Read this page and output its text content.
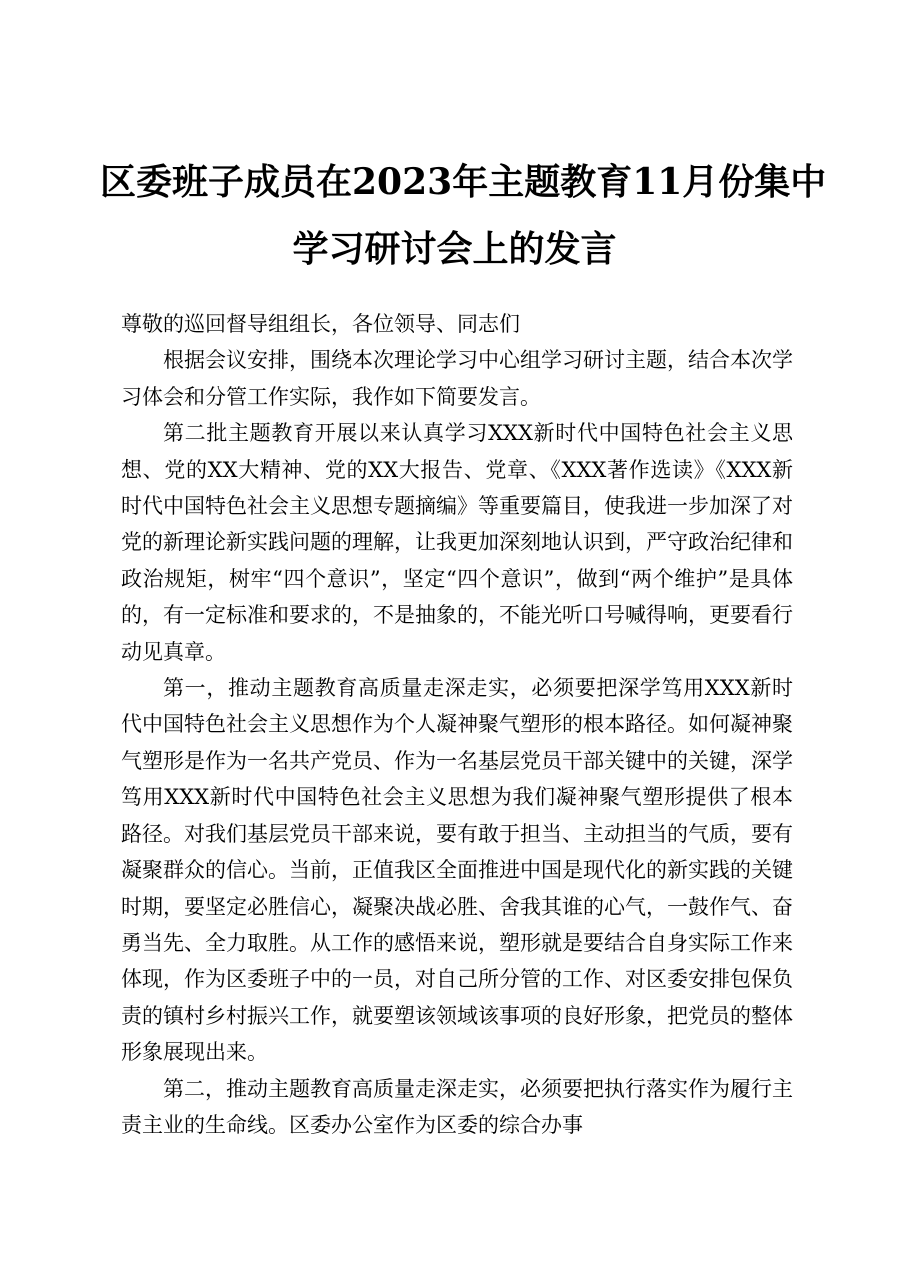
区委班子成员在2023年主题教育11月份集中
学习研讨会上的发言

尊敬的巡回督导组组长，各位领导、同志们

根据会议安排，围绕本次理论学习中心组学习研讨主题，结合本次学习体会和分管工作实际，我作如下简要发言。

第二批主题教育开展以来认真学习XXX新时代中国特色社会主义思想、党的XX大精神、党的XX大报告、党章、《XXX著作选读》《XXX新时代中国特色社会主义思想专题摘编》等重要篇目，使我进一步加深了对党的新理论新实践问题的理解，让我更加深刻地认识到，严守政治纪律和政治规矩，树牢“四个意识”，坚定“四个意识”，做到“两个维护”是具体的，有一定标准和要求的，不是抽象的，不能光听口号喊得响，更要看行动见真章。

第一，推动主题教育高质量走深走实，必须要把深学笃用XXX新时代中国特色社会主义思想作为个人凝神聚气塑形的根本路径。如何凝神聚气塑形是作为一名共产党员、作为一名基层党员干部关键中的关键，深学笃用XXX新时代中国特色社会主义思想为我们凝神聚气塑形提供了根本路径。对我们基层党员干部来说，要有敢于担当、主动担当的气质，要有凝聚群众的信心。当前，正值我区全面推进中国是现代化的新实践的关键时期，要坚定必胜信心，凝聚决战必胜、舍我其谁的心气，一鼓作气、奋勇当先、全力取胜。从工作的感悟来说，塑形就是要结合自身实际工作来体现，作为区委班子中的一员，对自己所分管的工作、对区委安排包保负责的镇村乡村振兴工作，就要塑该领域该事项的良好形象，把党员的整体形象展现出来。

第二，推动主题教育高质量走深走实，必须要把执行落实作为履行主责主业的生命线。区委办公室作为区委的综合办事
